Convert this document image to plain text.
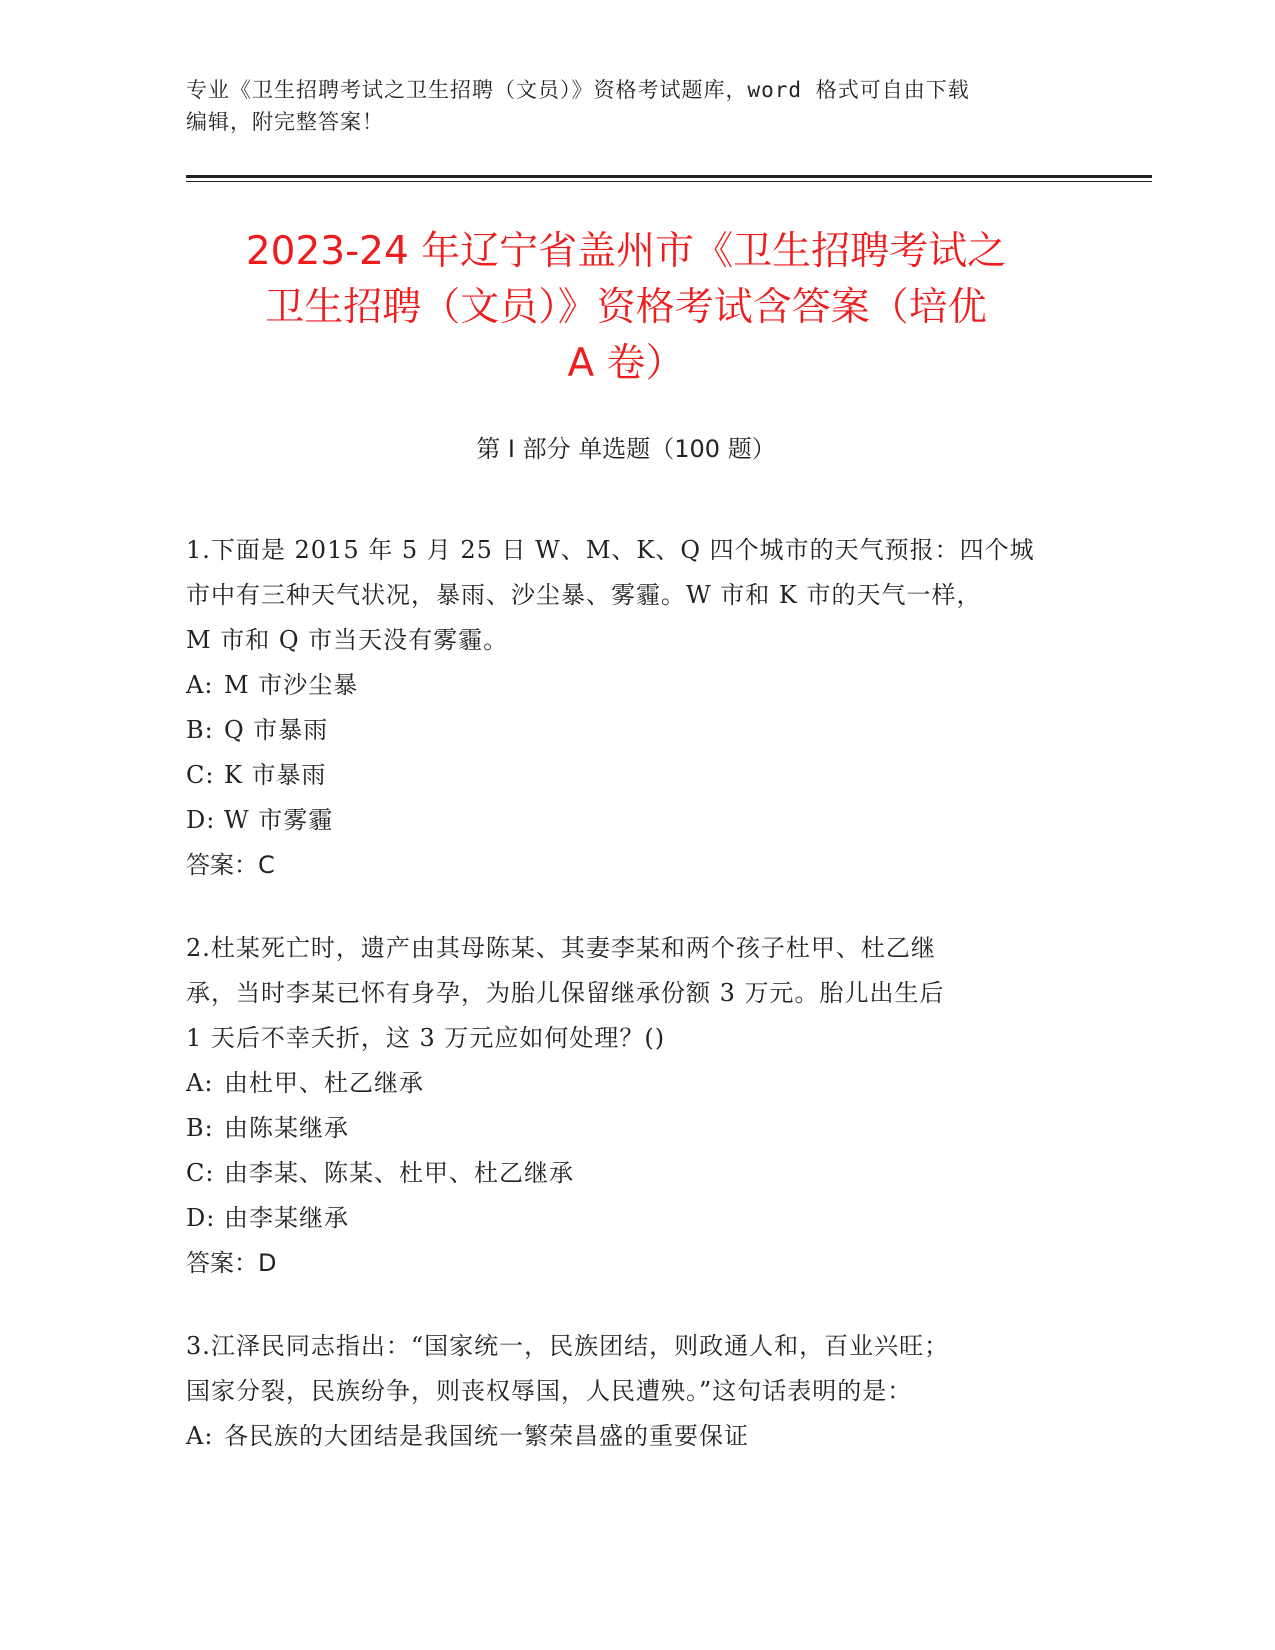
专业《卫生招聘考试之卫生招聘（文员）》资格考试题库，word 格式可自由下载
编辑，附完整答案！
2023-24 年辽宁省盖州市《卫生招聘考试之
卫生招聘（文员）》资格考试含答案（培优
A 卷）
第 I 部分 单选题（100 题）

1.下面是 2015 年 5 月 25 日 W、M、K、Q 四个城市的天气预报：四个城

市中有三种天气状况，暴雨、沙尘暴、雾霾。W 市和 K 市的天气一样，

M 市和 Q 市当天没有雾霾。

A: M 市沙尘暴

B: Q 市暴雨

C: K 市暴雨

D: W 市雾霾

答案：C

2.杜某死亡时，遗产由其母陈某、其妻李某和两个孩子杜甲、杜乙继

承，当时李某已怀有身孕，为胎儿保留继承份额 3 万元。胎儿出生后

1 天后不幸夭折，这 3 万元应如何处理？()

A: 由杜甲、杜乙继承

B: 由陈某继承

C: 由李某、陈某、杜甲、杜乙继承

D: 由李某继承

答案：D

3.江泽民同志指出：“国家统一，民族团结，则政通人和，百业兴旺；

国家分裂，民族纷争，则丧权辱国，人民遭殃。”这句话表明的是：

A: 各民族的大团结是我国统一繁荣昌盛的重要保证
